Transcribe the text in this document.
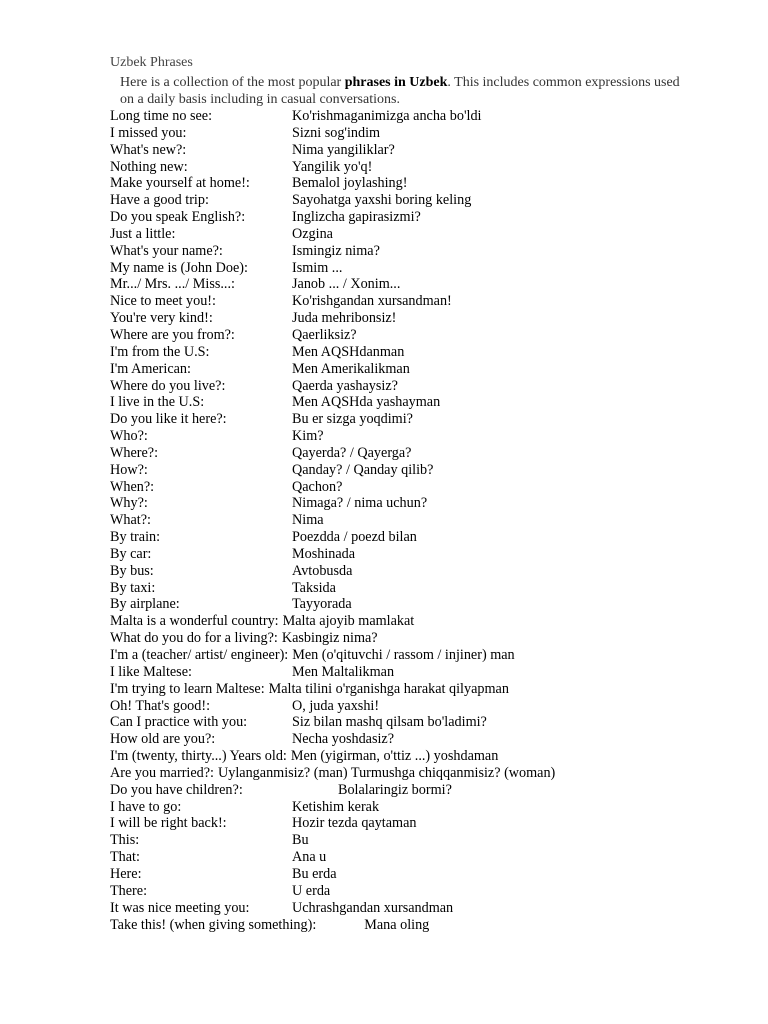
Uzbek Phrases
Here is a collection of the most popular phrases in Uzbek. This includes common expressions used on a daily basis including in casual conversations.
Long time no see:	Ko'rishmaganimizga ancha bo'ldi
I missed you:	Sizni sog'indim
What's new?:	Nima yangiliklar?
Nothing new:	Yangilik yo'q!
Make yourself at home!:	Bemalol joylashing!
Have a good trip:	Sayohatga yaxshi boring keling
Do you speak English?:	Inglizcha gapirasizmi?
Just a little:	Ozgina
What's your name?:	Ismingiz nima?
My name is (John Doe):	Ismim ...
Mr.../ Mrs. .../ Miss...:	Janob ... / Xonim...
Nice to meet you!:	Ko'rishgandan xursandman!
You're very kind!:	Juda mehribonsiz!
Where are you from?:	Qaerliksiz?
I'm from the U.S:	Men AQSHdanman
I'm American:	Men Amerikalikman
Where do you live?:	Qaerda yashaysiz?
I live in the U.S:	Men AQSHda yashayman
Do you like it here?:	Bu er sizga yoqdimi?
Who?:	Kim?
Where?:	Qayerda? / Qayerga?
How?:	Qanday? / Qanday qilib?
When?:	Qachon?
Why?:	Nimaga? / nima uchun?
What?:	Nima
By train:	Poezdda / poezd bilan
By car:	Moshinada
By bus:	Avtobusda
By taxi:	Taksida
By airplane:	Tayyorada
Malta is a wonderful country: Malta ajoyib mamlakat
What do you do for a living?: Kasbingiz nima?
I'm a (teacher/ artist/ engineer): Men (o'qituvchi / rassom / injiner) man
I like Maltese:	Men Maltalikman
I'm trying to learn Maltese: Malta tilini o'rganishga harakat qilyapman
Oh! That's good!:	O, juda yaxshi!
Can I practice with you:	Siz bilan mashq qilsam bo'ladimi?
How old are you?:	Necha yoshdasiz?
I'm (twenty, thirty...) Years old: Men (yigirman, o'ttiz ...) yoshdaman
Are you married?: Uylanganmisiz? (man) Turmushga chiqqanmisiz? (woman)
Do you have children?:	Bolalaringiz bormi?
I have to go:	Ketishim kerak
I will be right back!:	Hozir tezda qaytaman
This:	Bu
That:	Ana u
Here:	Bu erda
There:	U erda
It was nice meeting you:	Uchrashgandan xursandman
Take this! (when giving something):	Mana oling
